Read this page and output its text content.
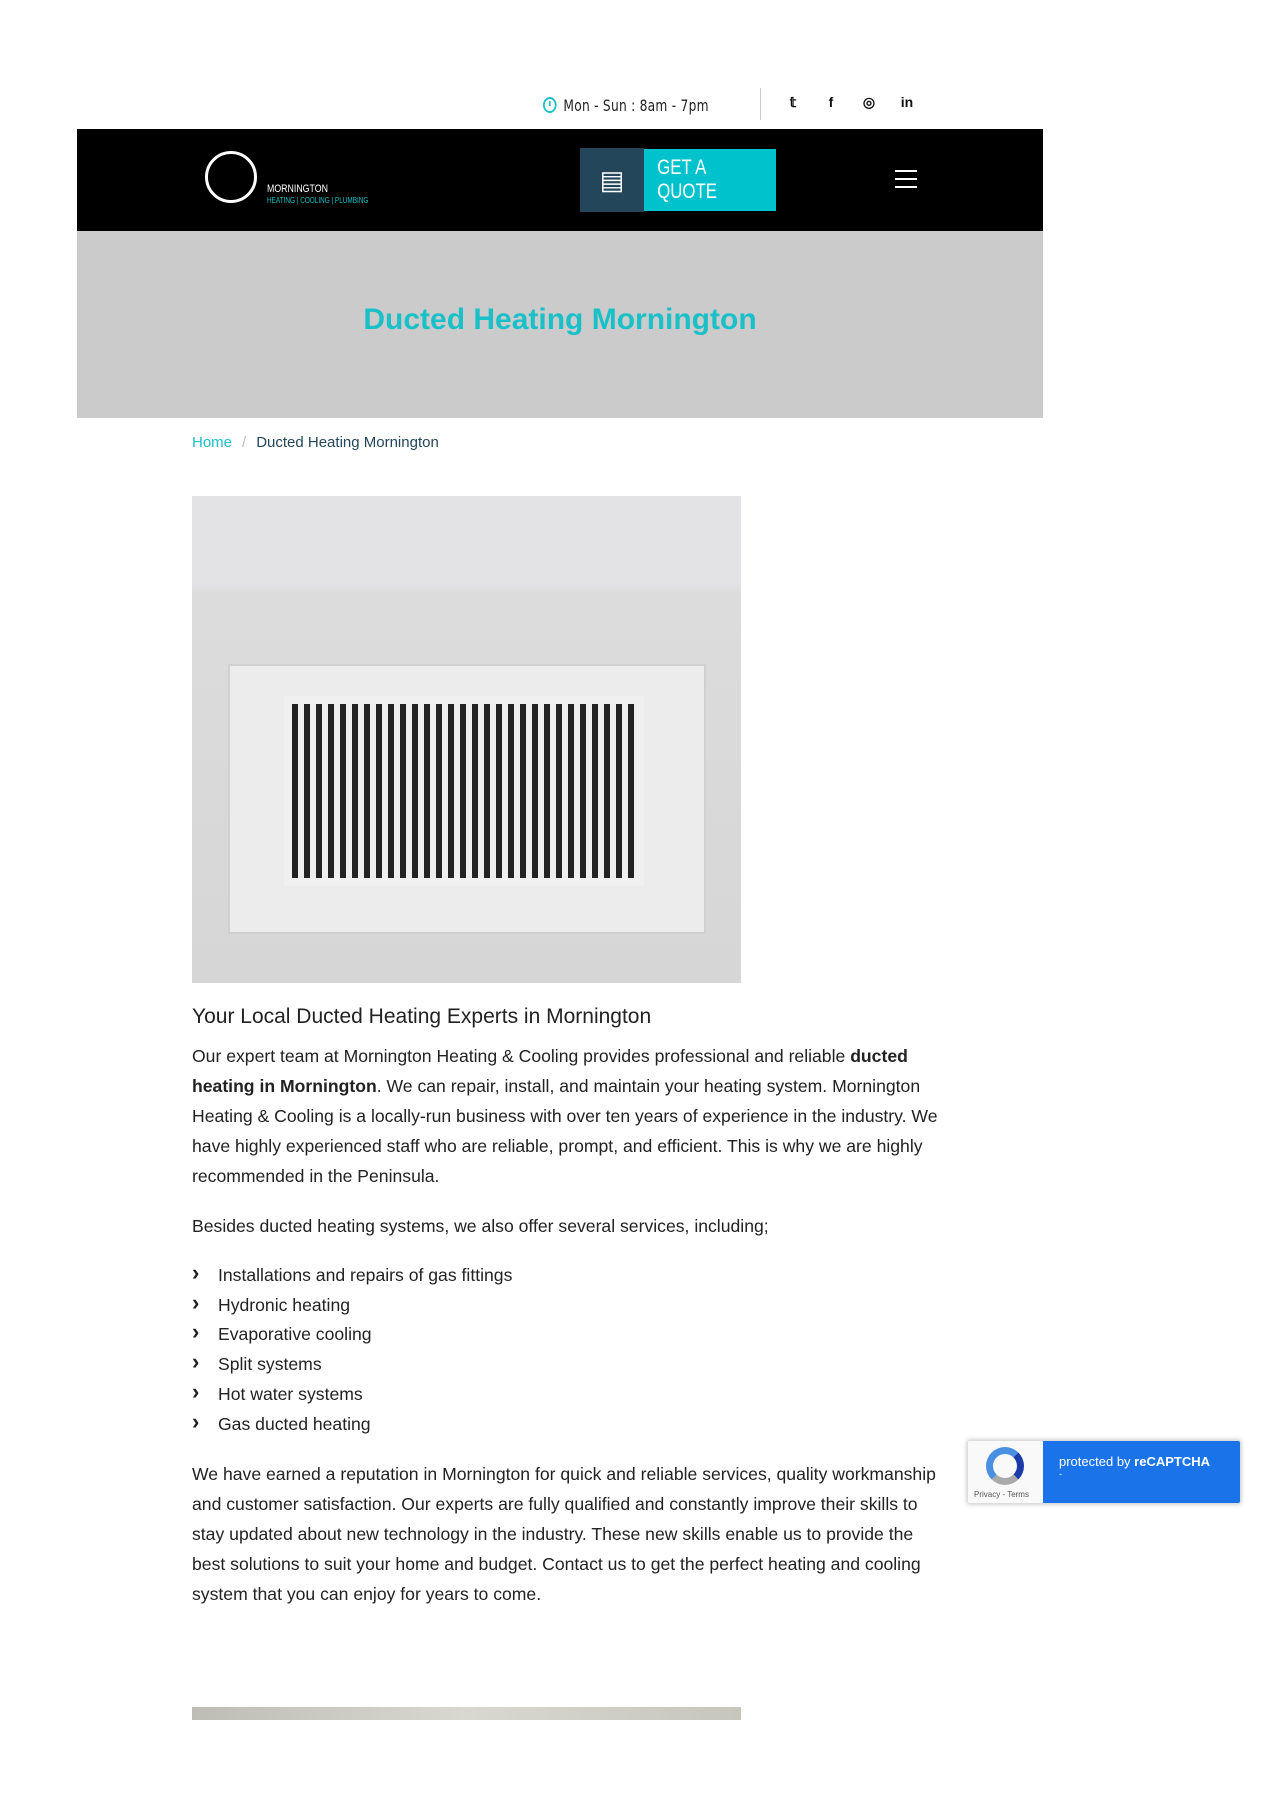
Mon - Sun : 8am - 7pm	𝕥	f	◎ in
MORNINGTON
HEATING | COOLING | PLUMBING
▤	GET A QUOTE
Ducted Heating Mornington
Home / Ducted Heating Mornington
Your Local Ducted Heating Experts in Mornington

Our expert team at Mornington Heating & Cooling provides professional and reliable ducted heating in Mornington. We can repair, install, and maintain your heating system. Mornington Heating & Cooling is a locally-run business with over ten years of experience in the industry. We have highly experienced staff who are reliable, prompt, and efficient. This is why we are highly recommended in the Peninsula.

Besides ducted heating systems, we also offer several services, including;

› Installations and repairs of gas fittings
› Hydronic heating
› Evaporative cooling
› Split systems
› Hot water systems
› Gas ducted heating

We have earned a reputation in Mornington for quick and reliable services, quality workmanship and customer satisfaction. Our experts are fully qualified and constantly improve their skills to stay updated about new technology in the industry. These new skills enable us to provide the best solutions to suit your home and budget. Contact us to get the perfect heating and cooling system that you can enjoy for years to come.

Privacy - Terms
protected by reCAPTCHA
-
